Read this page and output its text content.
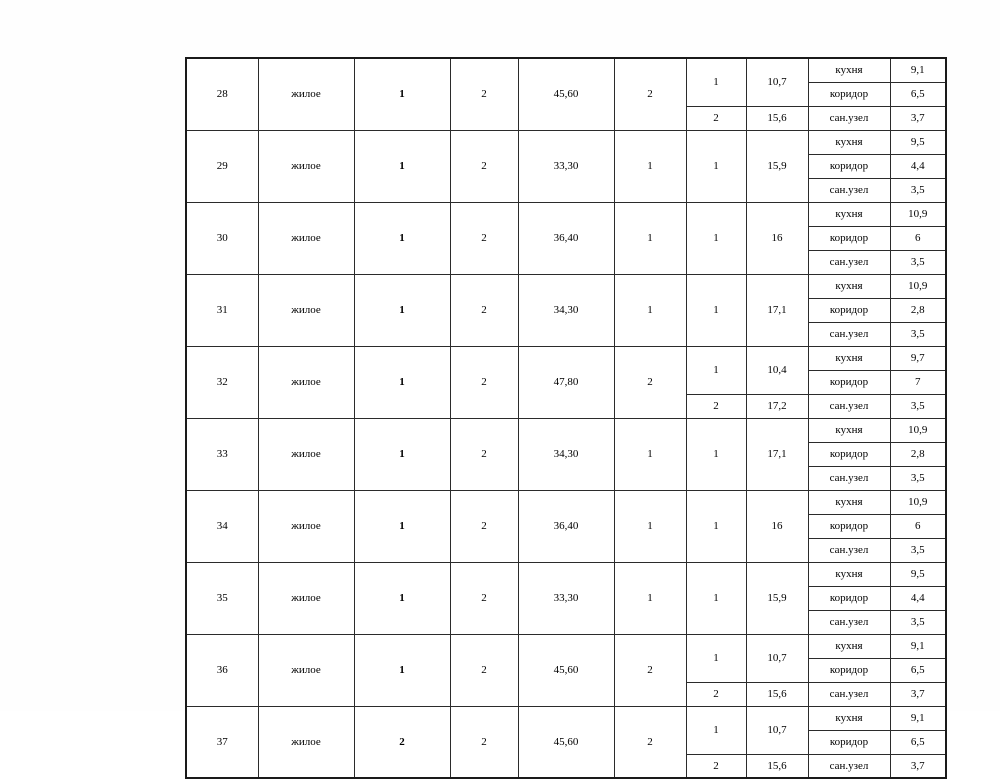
28	жилое	1	2	45,60	2	1	10,7	кухня	9,1
								коридор	6,5
						2	15,6	сан.узел	3,7
29	жилое	1	2	33,30	1	1	15,9	кухня	9,5
								коридор	4,4
								сан.узел	3,5
30	жилое	1	2	36,40	1	1	16	кухня	10,9
								коридор	6
								сан.узел	3,5
31	жилое	1	2	34,30	1	1	17,1	кухня	10,9
								коридор	2,8
								сан.узел	3,5
32	жилое	1	2	47,80	2	1	10,4	кухня	9,7
								коридор	7
						2	17,2	сан.узел	3,5
33	жилое	1	2	34,30	1	1	17,1	кухня	10,9
								коридор	2,8
								сан.узел	3,5
34	жилое	1	2	36,40	1	1	16	кухня	10,9
								коридор	6
								сан.узел	3,5
35	жилое	1	2	33,30	1	1	15,9	кухня	9,5
								коридор	4,4
								сан.узел	3,5
36	жилое	1	2	45,60	2	1	10,7	кухня	9,1
								коридор	6,5
						2	15,6	сан.узел	3,7
37	жилое	2	2	45,60	2	1	10,7	кухня	9,1
								коридор	6,5
						2	15,6	сан.узел	3,7
